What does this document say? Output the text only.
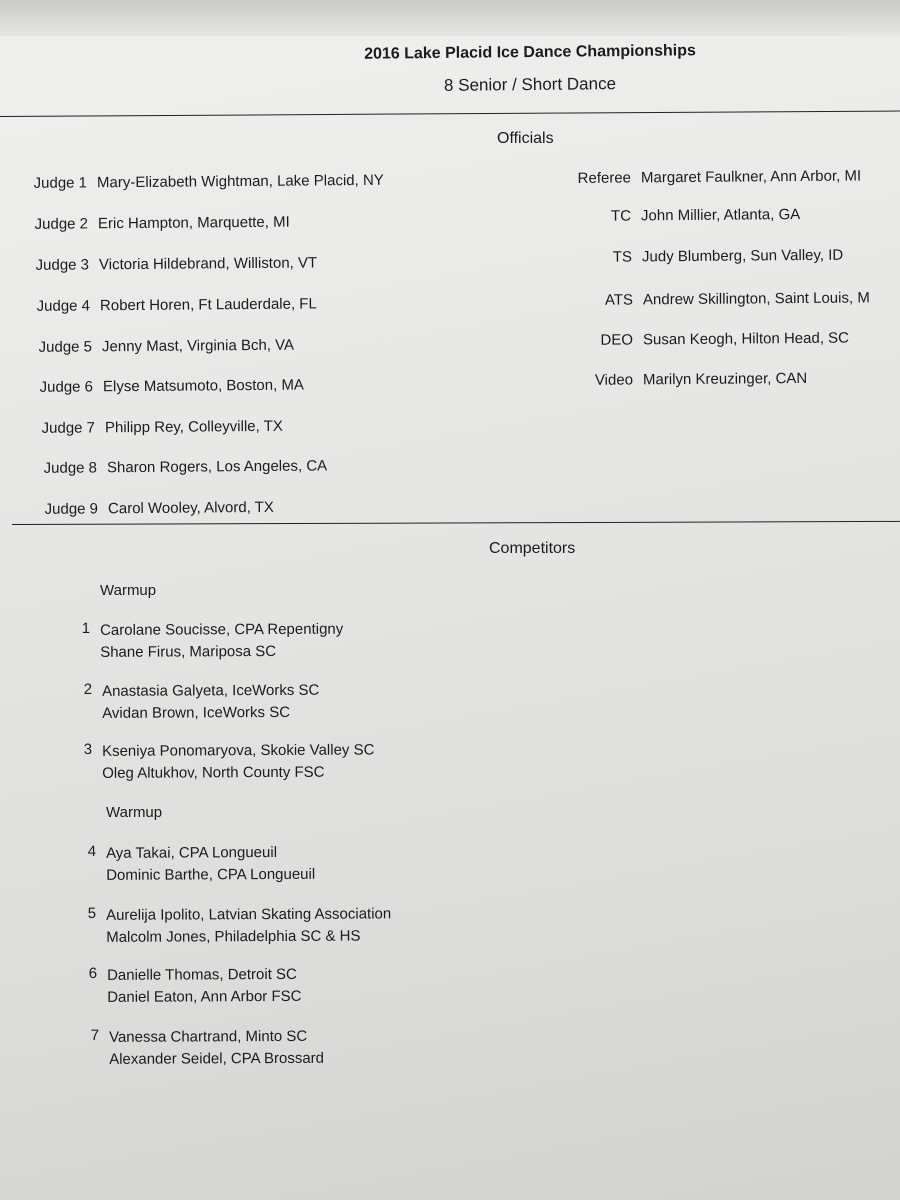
2016 Lake Placid Ice Dance Championships
8 Senior / Short Dance
Officials
Judge 1 Mary-Elizabeth Wightman, Lake Placid, NY
Judge 2 Eric Hampton, Marquette, MI
Judge 3 Victoria Hildebrand, Williston, VT
Judge 4 Robert Horen, Ft Lauderdale, FL
Judge 5 Jenny Mast, Virginia Bch, VA
Judge 6 Elyse Matsumoto, Boston, MA
Judge 7 Philipp Rey, Colleyville, TX
Judge 8 Sharon Rogers, Los Angeles, CA
Judge 9 Carol Wooley, Alvord, TX
Referee Margaret Faulkner, Ann Arbor, MI
TC John Millier, Atlanta, GA
TS Judy Blumberg, Sun Valley, ID
ATS Andrew Skillington, Saint Louis, M
DEO Susan Keogh, Hilton Head, SC
Video Marilyn Kreuzinger, CAN
Competitors
Warmup
1 Carolane Soucisse, CPA Repentigny
Shane Firus, Mariposa SC
2 Anastasia Galyeta, IceWorks SC
Avidan Brown, IceWorks SC
3 Kseniya Ponomaryova, Skokie Valley SC
Oleg Altukhov, North County FSC
Warmup
4 Aya Takai, CPA Longueuil
Dominic Barthe, CPA Longueuil
5 Aurelija Ipolito, Latvian Skating Association
Malcolm Jones, Philadelphia SC & HS
6 Danielle Thomas, Detroit SC
Daniel Eaton, Ann Arbor FSC
7 Vanessa Chartrand, Minto SC
Alexander Seidel, CPA Brossard
